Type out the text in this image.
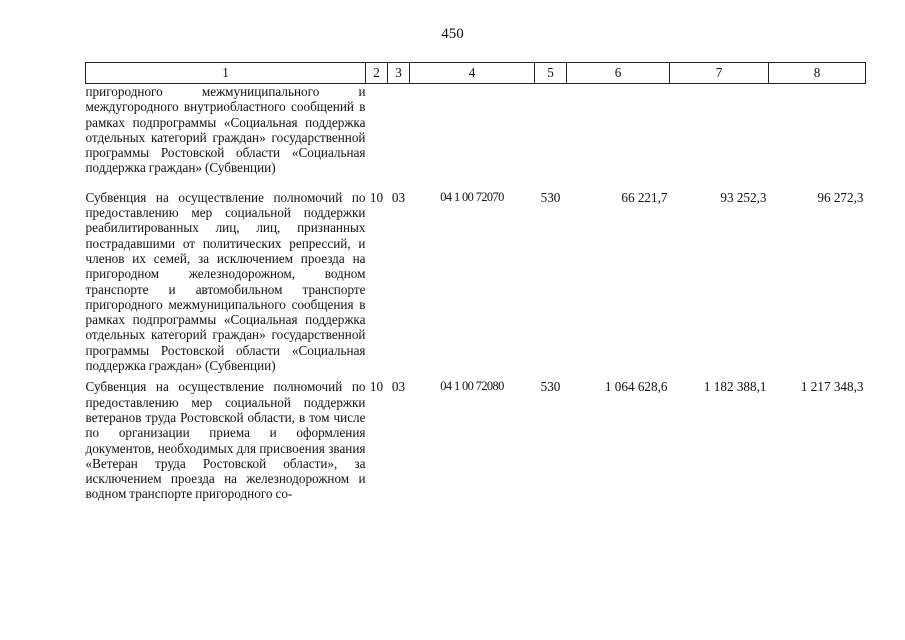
450
1	2	3	4	5	6	7	8
пригородного межмуниципального и междугородного внутриобластного сообщений в рамках подпрограммы «Социальная поддержка отдельных категорий граждан» государственной программы Ростовской области «Социальная поддержка граждан» (Субвенции)							
Субвенция на осуществление полномочий по предоставлению мер социальной поддержки реабилитированных лиц, лиц, признанных пострадавшими от политических репрессий, и членов их семей, за исключением проезда на пригородном железнодорожном, водном транспорте и автомобильном транспорте пригородного межмуниципального сообщения в рамках подпрограммы «Социальная поддержка отдельных категорий граждан» государственной программы Ростовской области «Социальная поддержка граждан» (Субвенции)	10	03	04 1 00 72070	530	66 221,7	93 252,3	96 272,3
Субвенция на осуществление полномочий по предоставлению мер социальной поддержки ветеранов труда Ростовской области, в том числе по организации приема и оформления документов, необходимых для присвоения звания «Ветеран труда Ростовской области», за исключением проезда на железнодорожном и водном транспорте пригородного со-	10	03	04 1 00 72080	530	1 064 628,6	1 182 388,1	1 217 348,3
